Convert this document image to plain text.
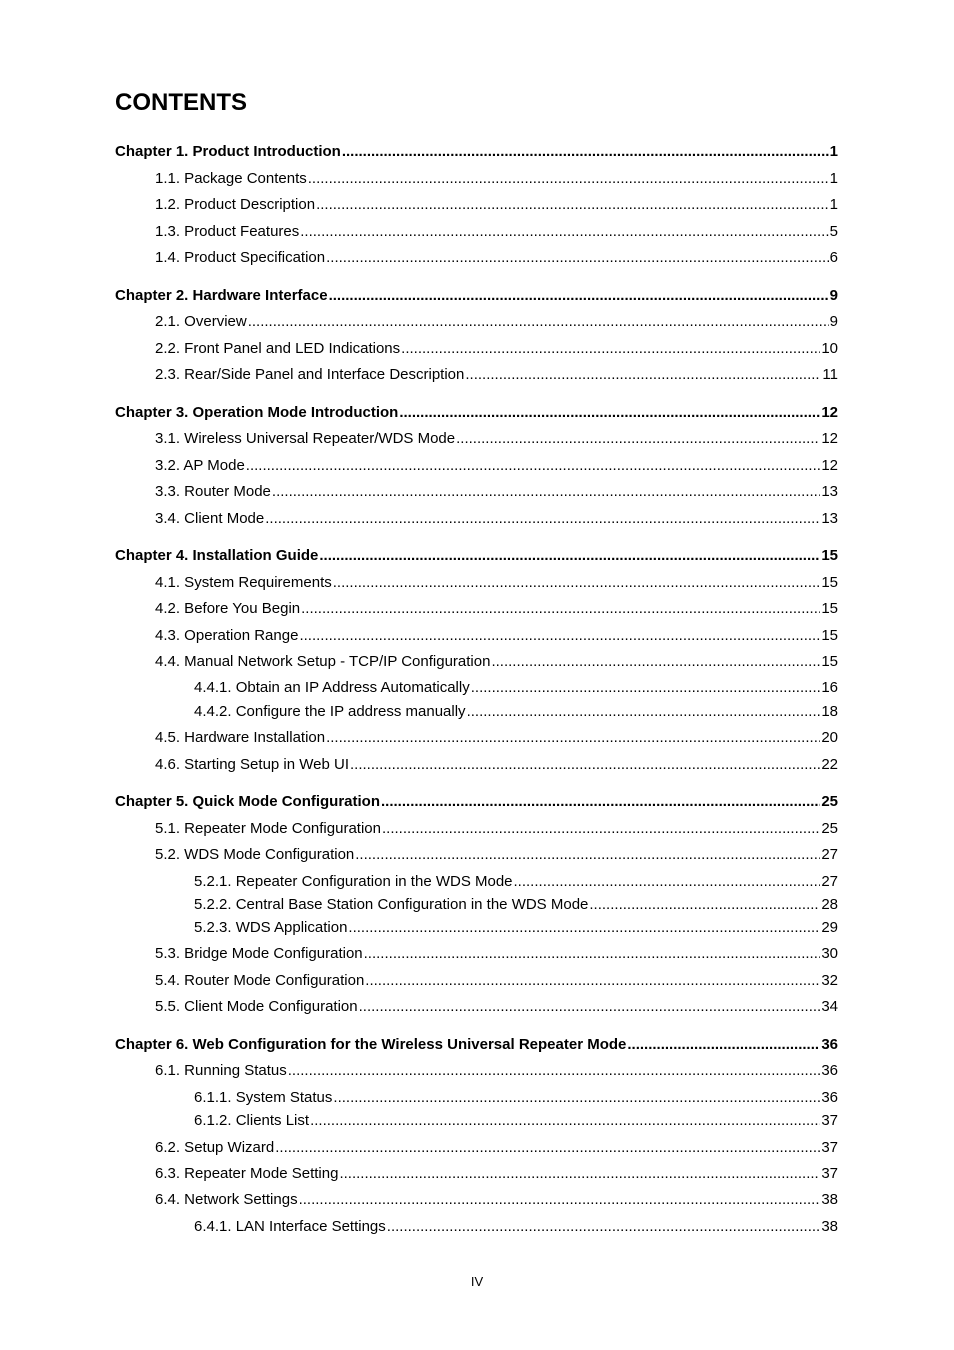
CONTENTS
Chapter 1. Product Introduction .....	1
1.1. Package Contents .....	1
1.2. Product Description .....	1
1.3. Product Features .....	5
1.4. Product Specification .....	6
Chapter 2. Hardware Interface .....	9
2.1. Overview .....	9
2.2. Front Panel and LED Indications .....	10
2.3. Rear/Side Panel and Interface Description .....	11
Chapter 3. Operation Mode Introduction .....	12
3.1. Wireless Universal Repeater/WDS Mode .....	12
3.2. AP Mode .....	12
3.3. Router Mode .....	13
3.4. Client Mode .....	13
Chapter 4. Installation Guide .....	15
4.1. System Requirements .....	15
4.2. Before You Begin .....	15
4.3. Operation Range .....	15
4.4. Manual Network Setup - TCP/IP Configuration .....	15
4.4.1. Obtain an IP Address Automatically .....	16
4.4.2. Configure the IP address manually .....	18
4.5. Hardware Installation .....	20
4.6. Starting Setup in Web UI .....	22
Chapter 5. Quick Mode Configuration .....	25
5.1. Repeater Mode Configuration .....	25
5.2. WDS Mode Configuration .....	27
5.2.1. Repeater Configuration in the WDS Mode .....	27
5.2.2. Central Base Station Configuration in the WDS Mode .....	28
5.2.3. WDS Application .....	29
5.3. Bridge Mode Configuration .....	30
5.4. Router Mode Configuration .....	32
5.5. Client Mode Configuration .....	34
Chapter 6. Web Configuration for the Wireless Universal Repeater Mode .....	36
6.1. Running Status .....	36
6.1.1. System Status .....	36
6.1.2. Clients List .....	37
6.2. Setup Wizard .....	37
6.3. Repeater Mode Setting .....	37
6.4. Network Settings .....	38
6.4.1. LAN Interface Settings .....	38
IV
